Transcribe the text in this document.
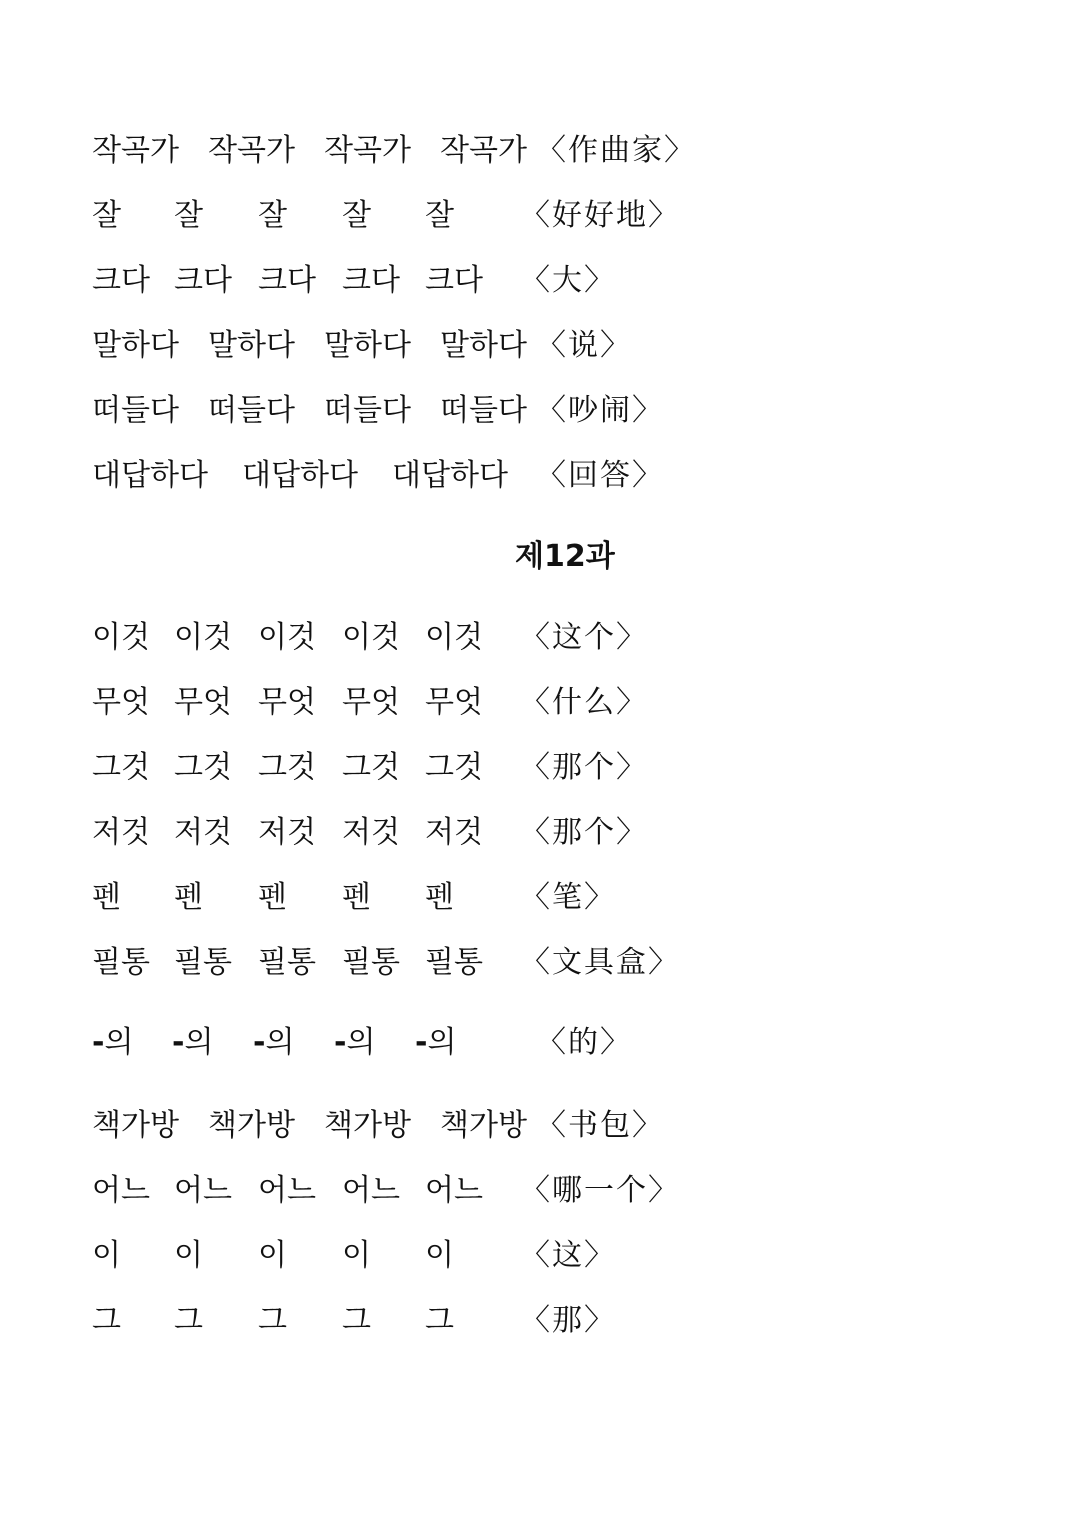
작곡가 작곡가 작곡가 작곡가 〈作曲家〉
잘 잘 잘 잘 잘 〈好好地〉
크다 크다 크다 크다 크다 〈大〉
말하다 말하다 말하다 말하다 〈说〉
떠들다 떠들다 떠들다 떠들다 〈吵闹〉
대답하다 대답하다 대답하다 〈回答〉
제12과
이것 이것 이것 이것 이것 〈这个〉
무엇 무엇 무엇 무엇 무엇 〈什么〉
그것 그것 그것 그것 그것 〈那个〉
저것 저것 저것 저것 저것 〈那个〉
펜 펜 펜 펜 펜 〈笔〉
필통 필통 필통 필통 필통 〈文具盒〉
-의 -의 -의 -의 -의	〈的〉
책가방 책가방 책가방 책가방 〈书包〉
어느 어느 어느 어느 어느 〈哪一个〉
이 이 이 이 이 〈这〉
그 그 그 그 그 〈那〉
